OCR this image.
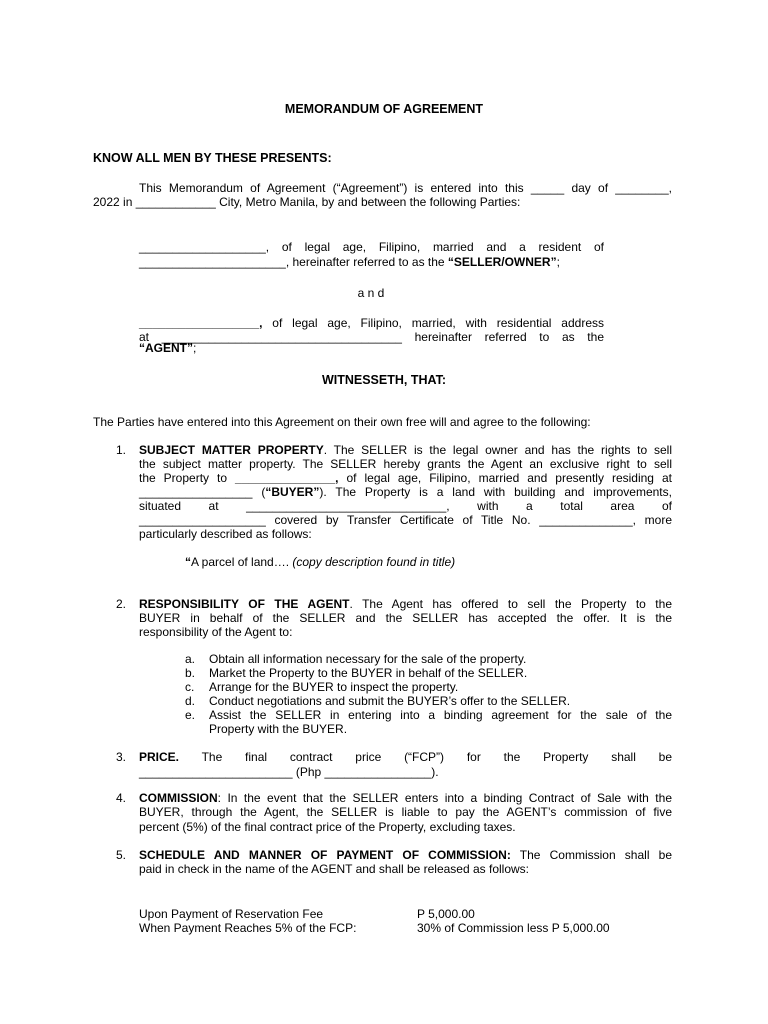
MEMORANDUM OF AGREEMENT
KNOW ALL MEN BY THESE PRESENTS:
This Memorandum of Agreement (“Agreement”) is entered into this _____ day of ________,
2022 in ____________ City, Metro Manila, by and between the following Parties:
___________________, of legal age, Filipino, married and a resident of
______________________, hereinafter referred to as the “SELLER/OWNER”;
a n d
__________________, of legal age, Filipino, married, with residential address
at ____________________________________ hereinafter referred to as the
“AGENT”;
WITNESSETH, THAT:
The Parties have entered into this Agreement on their own free will and agree to the following:
1. SUBJECT MATTER PROPERTY. The SELLER is the legal owner and has the rights to sell
the subject matter property. The SELLER hereby grants the Agent an exclusive right to sell
the Property to _______________, of legal age, Filipino, married and presently residing at
_________________ (“BUYER”). The Property is a land with building and improvements,
situated at ______________________________, with a total area of
___________________ covered by Transfer Certificate of Title No. ______________, more
particularly described as follows:
“A parcel of land…. (copy description found in title)
2. RESPONSIBILITY OF THE AGENT. The Agent has offered to sell the Property to the
BUYER in behalf of the SELLER and the SELLER has accepted the offer. It is the
responsibility of the Agent to:
a. Obtain all information necessary for the sale of the property.
b. Market the Property to the BUYER in behalf of the SELLER.
c. Arrange for the BUYER to inspect the property.
d. Conduct negotiations and submit the BUYER’s offer to the SELLER.
e. Assist the SELLER in entering into a binding agreement for the sale of the
Property with the BUYER.
3. PRICE. The final contract price (“FCP”) for the Property shall be
_______________________ (Php ________________).
4. COMMISSION: In the event that the SELLER enters into a binding Contract of Sale with the
BUYER, through the Agent, the SELLER is liable to pay the AGENT’s commission of five
percent (5%) of the final contract price of the Property, excluding taxes.
5. SCHEDULE AND MANNER OF PAYMENT OF COMMISSION: The Commission shall be
paid in check in the name of the AGENT and shall be released as follows:
Upon Payment of Reservation Fee	P 5,000.00
When Payment Reaches 5% of the FCP:	30% of Commission less P 5,000.00
